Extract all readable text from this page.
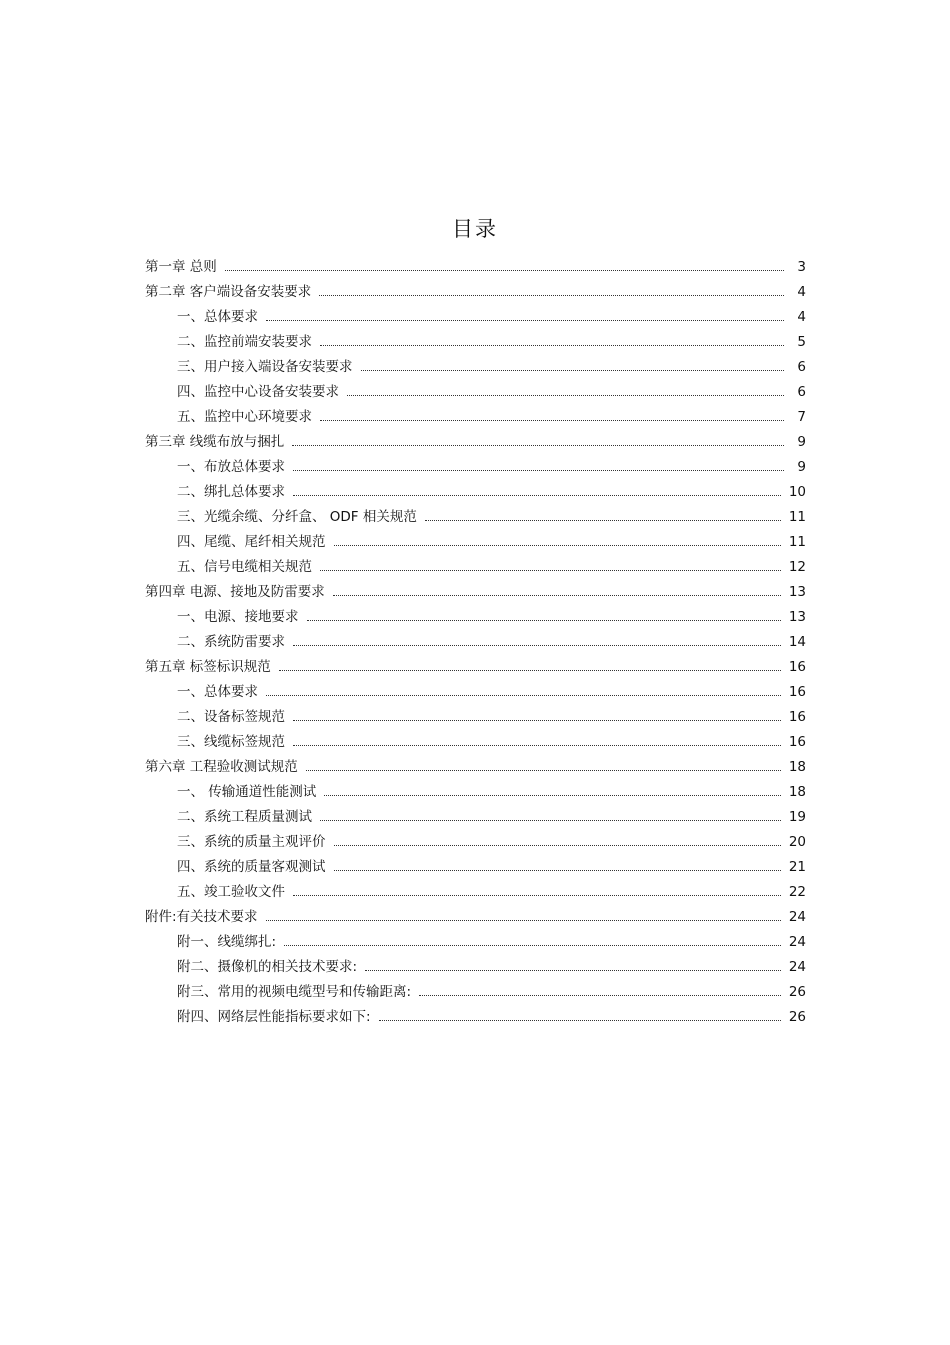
目录
第一章 总则	3
第二章 客户端设备安装要求	4
一、总体要求	4
二、监控前端安装要求	5
三、用户接入端设备安装要求	6
四、监控中心设备安装要求	6
五、监控中心环境要求	7
第三章 线缆布放与捆扎	9
一、布放总体要求	9
二、绑扎总体要求	10
三、光缆余缆、分纤盒、 ODF 相关规范	11
四、尾缆、尾纤相关规范	11
五、信号电缆相关规范	12
第四章 电源、接地及防雷要求	13
一、电源、接地要求	13
二、系统防雷要求	14
第五章 标签标识规范	16
一、总体要求	16
二、设备标签规范	16
三、线缆标签规范	16
第六章 工程验收测试规范	18
一、 传输通道性能测试	18
二、系统工程质量测试	19
三、系统的质量主观评价	20
四、系统的质量客观测试	21
五、竣工验收文件	22
附件:有关技术要求	24
附一、线缆绑扎:	24
附二、摄像机的相关技术要求:	24
附三、常用的视频电缆型号和传输距离:	26
附四、网络层性能指标要求如下:	26
